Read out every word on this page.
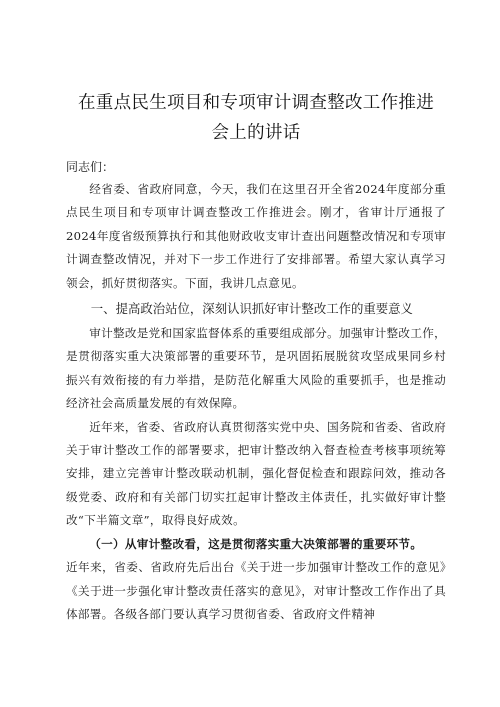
在重点民生项目和专项审计调查整改工作推进
会上的讲话

同志们：

经省委、省政府同意，今天，我们在这里召开全省2024年度部分重点民生项目和专项审计调查整改工作推进会。刚才，省审计厅通报了2024年度省级预算执行和其他财政收支审计查出问题整改情况和专项审计调查整改情况，并对下一步工作进行了安排部署。希望大家认真学习领会，抓好贯彻落实。下面，我讲几点意见。

一、提高政治站位，深刻认识抓好审计整改工作的重要意义

审计整改是党和国家监督体系的重要组成部分。加强审计整改工作，是贯彻落实重大决策部署的重要环节，是巩固拓展脱贫攻坚成果同乡村振兴有效衔接的有力举措，是防范化解重大风险的重要抓手，也是推动经济社会高质量发展的有效保障。

近年来，省委、省政府认真贯彻落实党中央、国务院和省委、省政府关于审计整改工作的部署要求，把审计整改纳入督查检查考核事项统筹安排，建立完善审计整改联动机制，强化督促检查和跟踪问效，推动各级党委、政府和有关部门切实扛起审计整改主体责任，扎实做好审计整改“下半篇文章”，取得良好成效。

（一）从审计整改看，这是贯彻落实重大决策部署的重要环节。

近年来，省委、省政府先后出台《关于进一步加强审计整改工作的意见》《关于进一步强化审计整改责任落实的意见》，对审计整改工作作出了具体部署。各级各部门要认真学习贯彻省委、省政府文件精神
